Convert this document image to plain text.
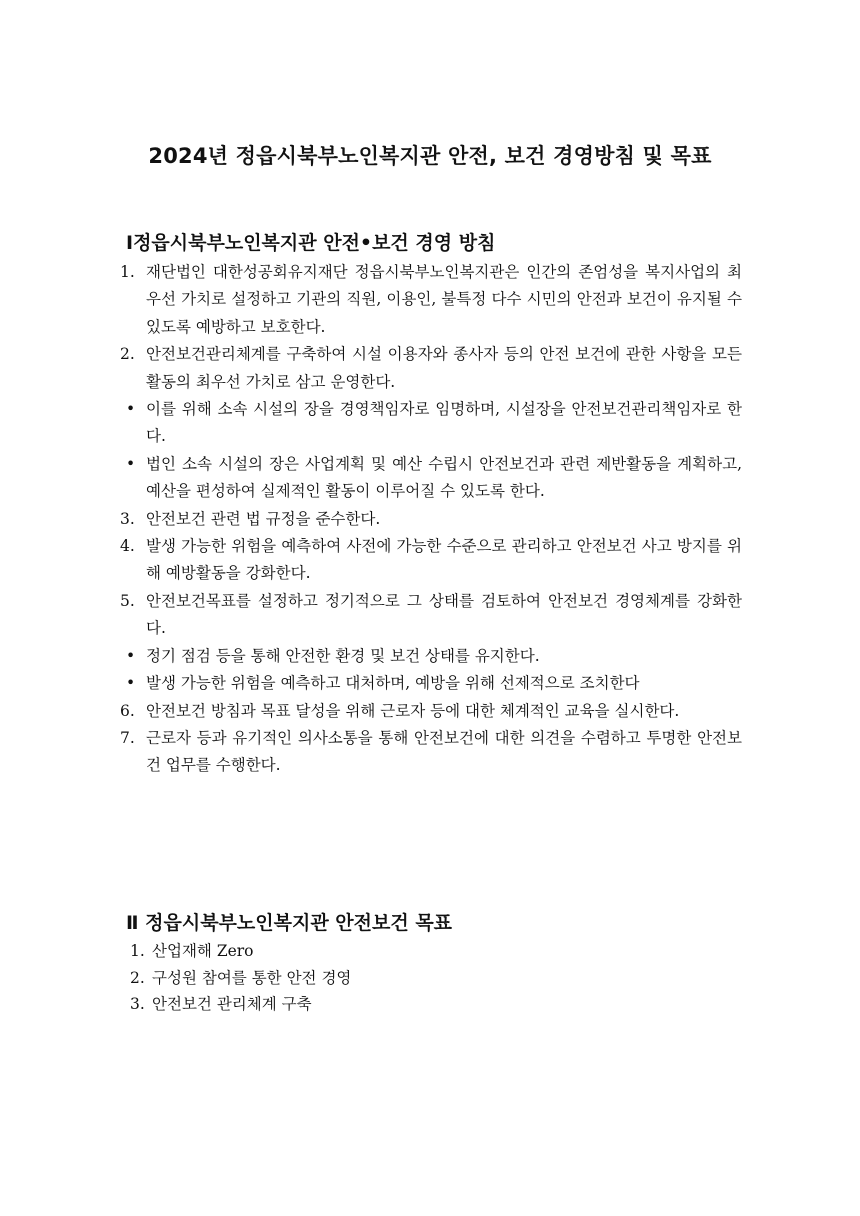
2024년 정읍시북부노인복지관 안전, 보건 경영방침 및 목표
Ⅰ정읍시북부노인복지관 안전•보건 경영 방침
1. 재단법인 대한성공회유지재단 정읍시북부노인복지관은 인간의 존엄성을 복지사업의 최우선 가치로 설정하고 기관의 직원, 이용인, 불특정 다수 시민의 안전과 보건이 유지될 수 있도록 예방하고 보호한다.
2. 안전보건관리체계를 구축하여 시설 이용자와 종사자 등의 안전 보건에 관한 사항을 모든 활동의 최우선 가치로 삼고 운영한다.
• 이를 위해 소속 시설의 장을 경영책임자로 임명하며, 시설장을 안전보건관리책임자로 한다.
• 법인 소속 시설의 장은 사업계획 및 예산 수립시 안전보건과 관련 제반활동을 계획하고, 예산을 편성하여 실제적인 활동이 이루어질 수 있도록 한다.
3. 안전보건 관련 법 규정을 준수한다.
4. 발생 가능한 위험을 예측하여 사전에 가능한 수준으로 관리하고 안전보건 사고 방지를 위해 예방활동을 강화한다.
5. 안전보건목표를 설정하고 정기적으로 그 상태를 검토하여 안전보건 경영체계를 강화한다.
• 정기 점검 등을 통해 안전한 환경 및 보건 상태를 유지한다.
• 발생 가능한 위험을 예측하고 대처하며, 예방을 위해 선제적으로 조치한다
6. 안전보건 방침과 목표 달성을 위해 근로자 등에 대한 체계적인 교육을 실시한다.
7. 근로자 등과 유기적인 의사소통을 통해 안전보건에 대한 의견을 수렴하고 투명한 안전보건 업무를 수행한다.
Ⅱ 정읍시북부노인복지관 안전보건 목표
1. 산업재해 Zero
2. 구성원 참여를 통한 안전 경영
3. 안전보건 관리체계 구축
